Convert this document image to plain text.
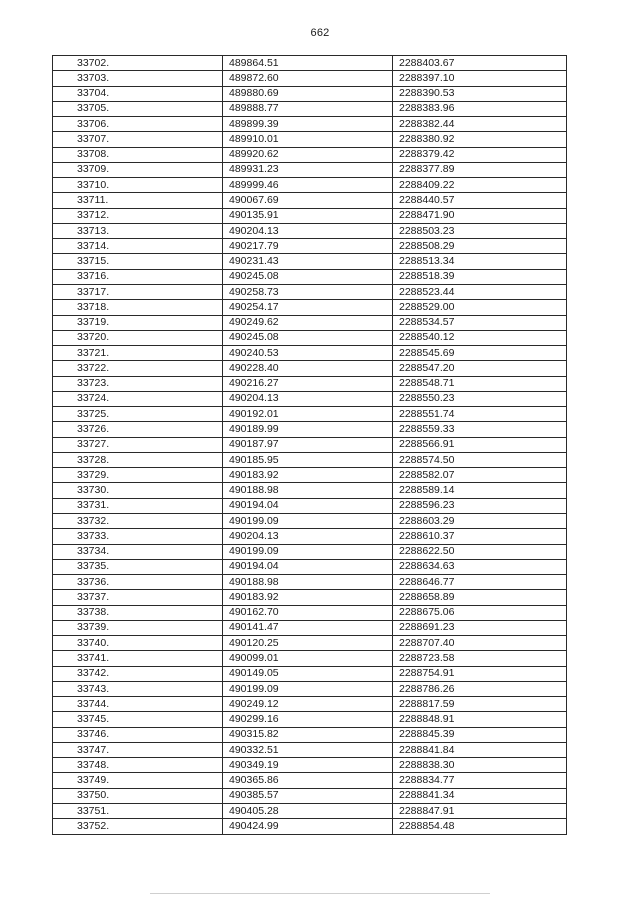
662
33702.	489864.51	2288403.67
33703.	489872.60	2288397.10
33704.	489880.69	2288390.53
33705.	489888.77	2288383.96
33706.	489899.39	2288382.44
33707.	489910.01	2288380.92
33708.	489920.62	2288379.42
33709.	489931.23	2288377.89
33710.	489999.46	2288409.22
33711.	490067.69	2288440.57
33712.	490135.91	2288471.90
33713.	490204.13	2288503.23
33714.	490217.79	2288508.29
33715.	490231.43	2288513.34
33716.	490245.08	2288518.39
33717.	490258.73	2288523.44
33718.	490254.17	2288529.00
33719.	490249.62	2288534.57
33720.	490245.08	2288540.12
33721.	490240.53	2288545.69
33722.	490228.40	2288547.20
33723.	490216.27	2288548.71
33724.	490204.13	2288550.23
33725.	490192.01	2288551.74
33726.	490189.99	2288559.33
33727.	490187.97	2288566.91
33728.	490185.95	2288574.50
33729.	490183.92	2288582.07
33730.	490188.98	2288589.14
33731.	490194.04	2288596.23
33732.	490199.09	2288603.29
33733.	490204.13	2288610.37
33734.	490199.09	2288622.50
33735.	490194.04	2288634.63
33736.	490188.98	2288646.77
33737.	490183.92	2288658.89
33738.	490162.70	2288675.06
33739.	490141.47	2288691.23
33740.	490120.25	2288707.40
33741.	490099.01	2288723.58
33742.	490149.05	2288754.91
33743.	490199.09	2288786.26
33744.	490249.12	2288817.59
33745.	490299.16	2288848.91
33746.	490315.82	2288845.39
33747.	490332.51	2288841.84
33748.	490349.19	2288838.30
33749.	490365.86	2288834.77
33750.	490385.57	2288841.34
33751.	490405.28	2288847.91
33752.	490424.99	2288854.48
